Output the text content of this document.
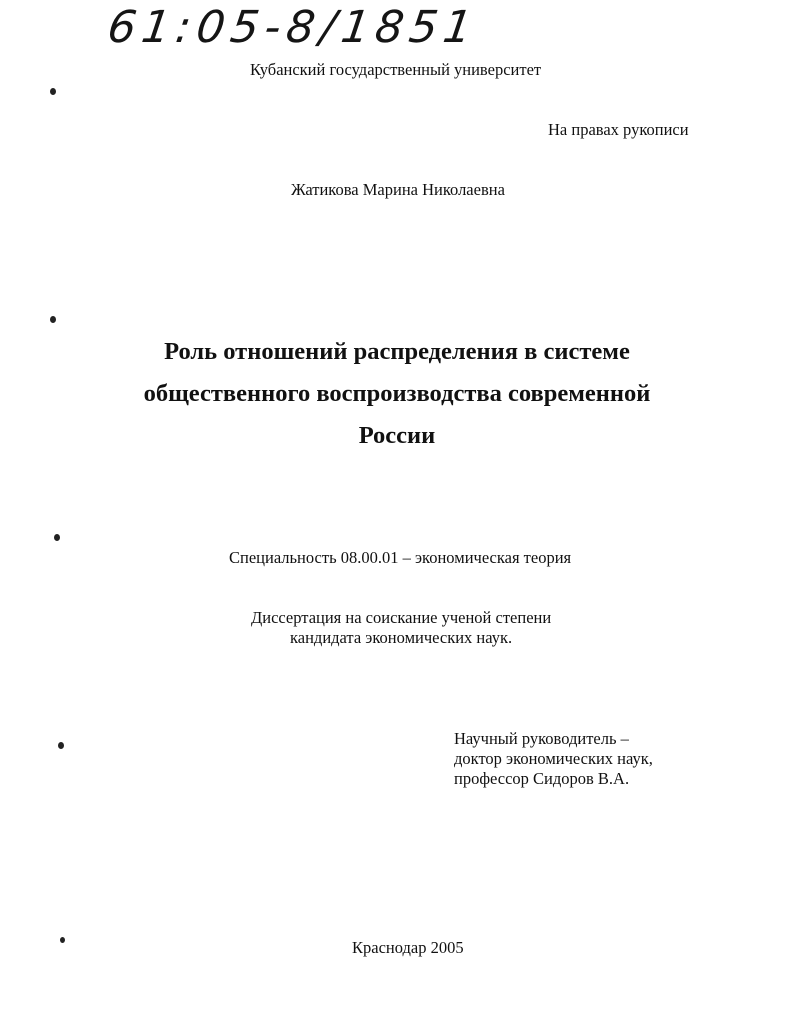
61:05-8/1851
Кубанский государственный университет
На правах рукописи
Жатикова Марина Николаевна
Роль отношений распределения в системе
общественного воспроизводства современной
России
Специальность 08.00.01 – экономическая теория
Диссертация на соискание ученой степени
кандидата экономических наук.
Научный руководитель –
доктор экономических наук,
профессор Сидоров В.А.
Краснодар 2005
